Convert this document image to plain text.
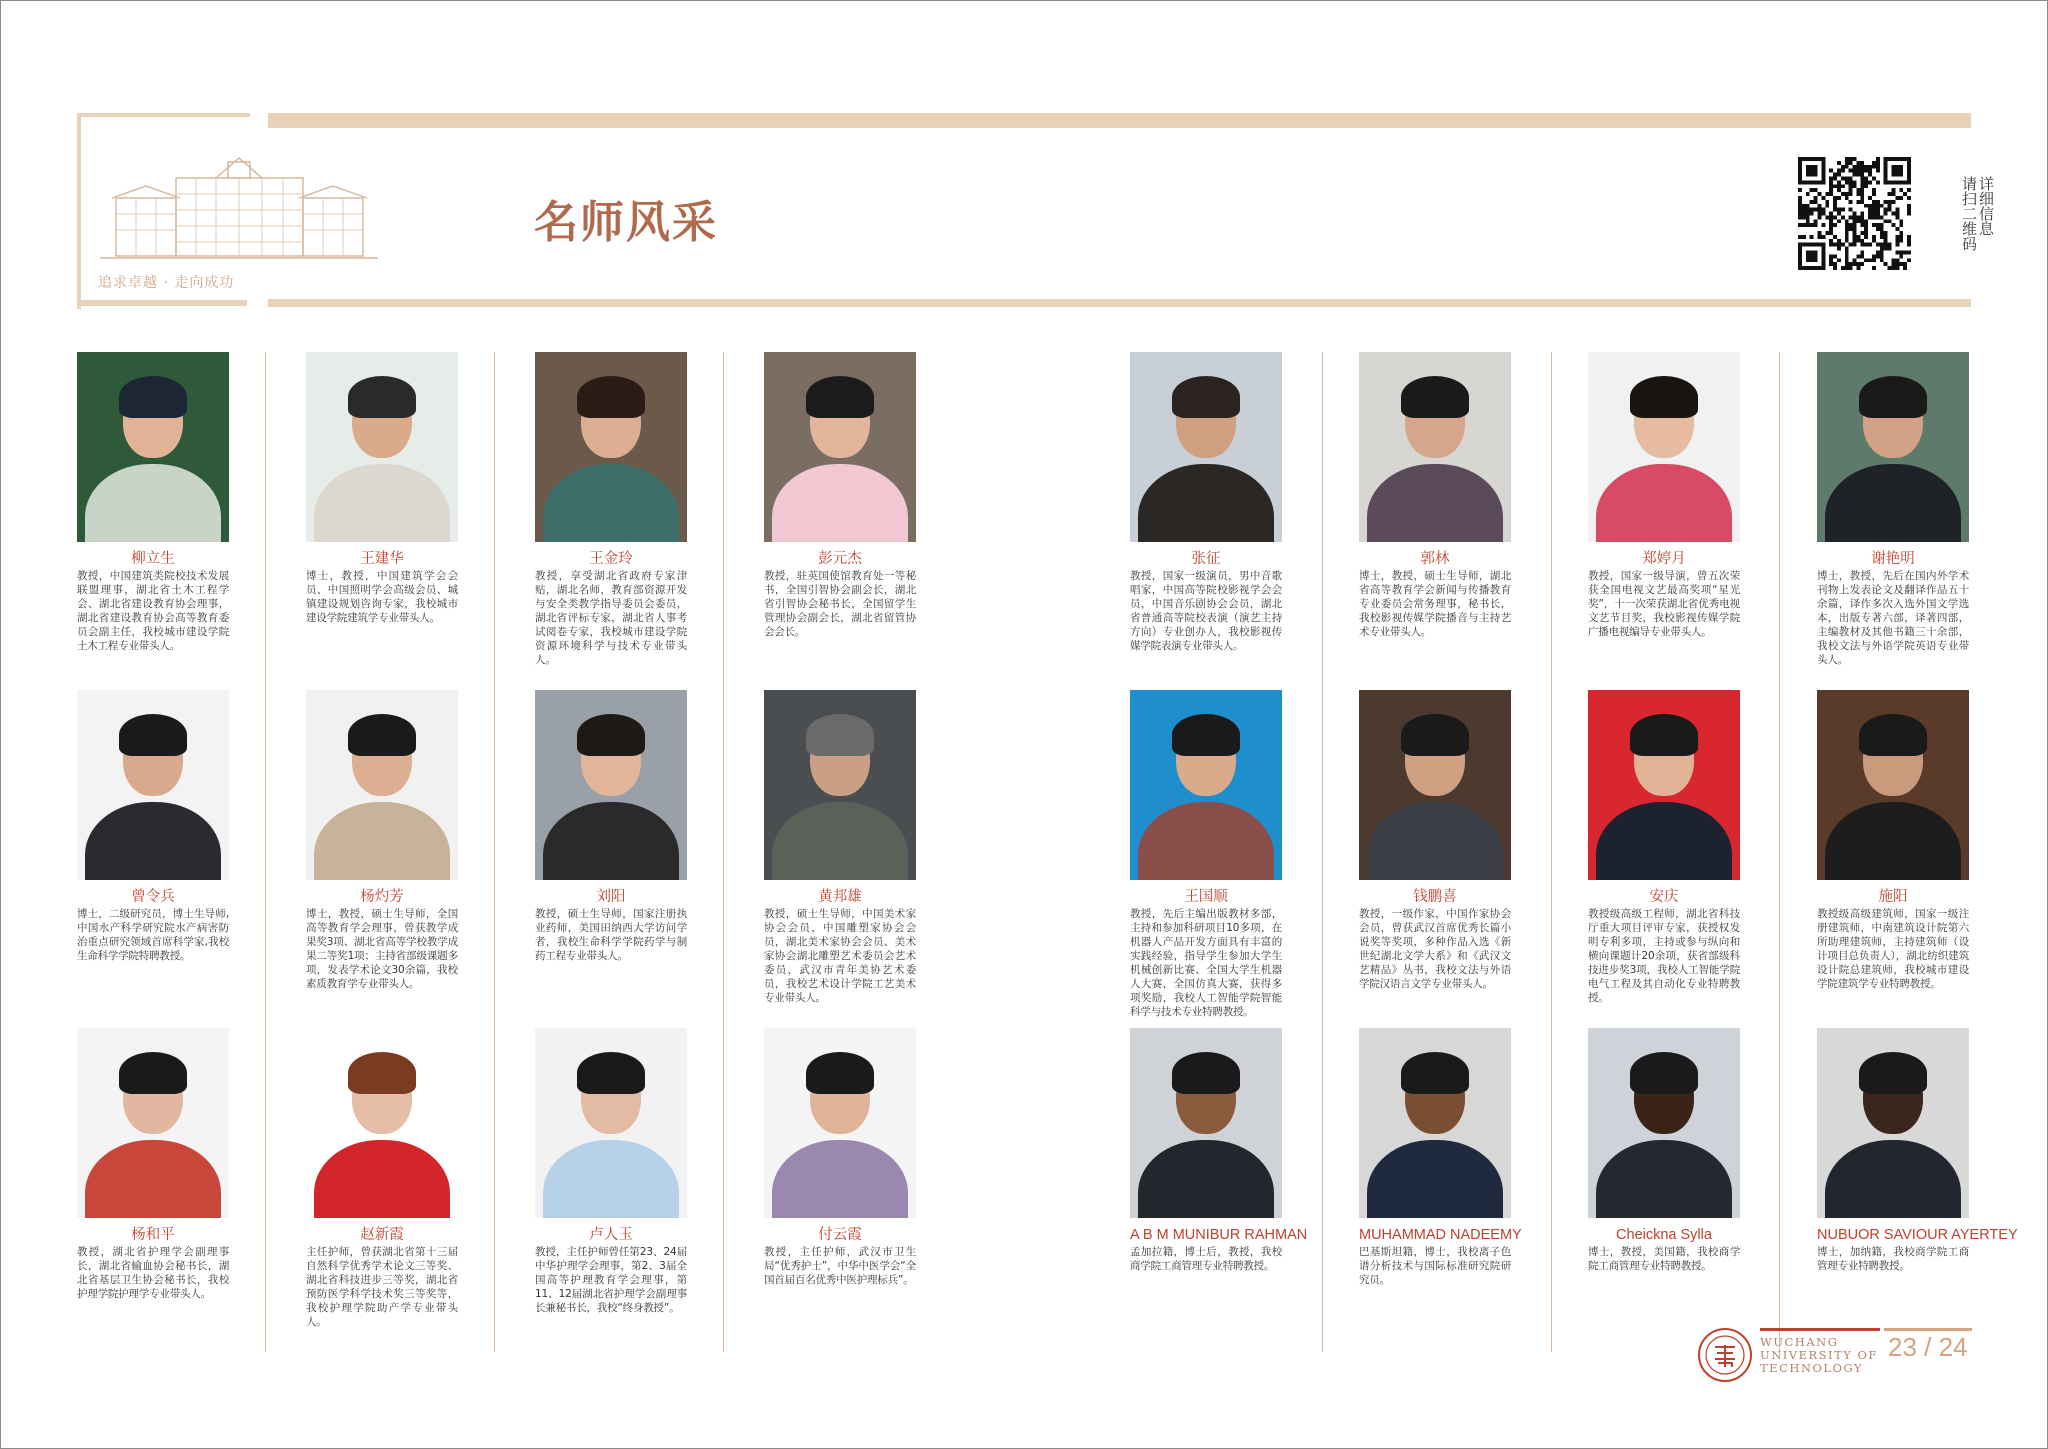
追求卓越 · 走向成功
名师风采	详细信息
请扫二维码
柳立生
教授，中国建筑类院校技术发展联盟理事，湖北省土木工程学会、湖北省建设教育协会理事，湖北省建设教育协会高等教育委员会副主任，我校城市建设学院土木工程专业带头人。
王建华
博士，教授，中国建筑学会会员、中国照明学会高级会员、城镇建设规划咨询专家，我校城市建设学院建筑学专业带头人。
王金玲
教授，享受湖北省政府专家津贴，湖北名师，教育部资源开发与安全类教学指导委员会委员，湖北省评标专家，湖北省人事考试阅卷专家，我校城市建设学院资源环境科学与技术专业带头人。
彭元杰
教授，驻英国使馆教育处一等秘书，全国引智协会副会长，湖北省引智协会秘书长，全国留学生管理协会副会长，湖北省留管协会会长。
张征
教授，国家一级演员，男中音歌唱家，中国高等院校影视学会会员，中国音乐剧协会会员，湖北省普通高等院校表演（演艺主持方向）专业创办人，我校影视传媒学院表演专业带头人。
郭林
博士，教授，硕士生导师，湖北省高等教育学会新闻与传播教育专业委员会常务理事，秘书长，我校影视传媒学院播音与主持艺术专业带头人。
郑婷月
教授，国家一级导演，曾五次荣获全国电视文艺最高奖项“星光奖”，十一次荣获湖北省优秀电视文艺节目奖，我校影视传媒学院广播电视编导专业带头人。
谢艳明
博士，教授，先后在国内外学术刊物上发表论文及翻译作品五十余篇，译作多次入选外国文学选本，出版专著六部，译著四部，主编教材及其他书籍三十余部，我校文法与外语学院英语专业带头人。
曾令兵
博士，二级研究员，博士生导师,中国水产科学研究院水产病害防治重点研究领域首席科学家,我校生命科学学院特聘教授。
杨灼芳
博士，教授，硕士生导师，全国高等教育学会理事，曾获教学成果奖3项、湖北省高等学校教学成果二等奖1项；主持省部级课题多项，发表学术论文30余篇，我校素质教育学专业带头人。
刘阳
教授，硕士生导师，国家注册执业药师，美国田纳西大学访问学者，我校生命科学学院药学与制药工程专业带头人。
黄邦雄
教授，硕士生导师，中国美术家协会会员，中国雕塑家协会会员，湖北美术家协会会员、美术家协会湖北雕塑艺术委员会艺术委员，武汉市青年美协艺术委员，我校艺术设计学院工艺美术专业带头人。
王国顺
教授，先后主编出版教材多部，主持和参加科研项目10多项，在机器人产品开发方面具有丰富的实践经验，指导学生参加大学生机械创新比赛、全国大学生机器人大赛，全国仿真大赛，获得多项奖励，我校人工智能学院智能科学与技术专业特聘教授。
钱鹏喜
教授，一级作家，中国作家协会会员，曾获武汉首席优秀长篇小说奖等奖项，多种作品入选《新世纪湖北文学大系》和《武汉文艺精品》丛书，我校文法与外语学院汉语言文学专业带头人。
安庆
教授级高级工程师，湖北省科技厅重大项目评审专家，获授权发明专利多项，主持或参与纵向和横向课题计20余项，获省部级科技进步奖3项，我校人工智能学院电气工程及其自动化专业特聘教授。
施阳
教授级高级建筑师，国家一级注册建筑师，中南建筑设计院第六所助理建筑师，主持建筑师（设计项目总负责人），湖北纺织建筑设计院总建筑师，我校城市建设学院建筑学专业特聘教授。
杨和平
教授，湖北省护理学会副理事长，湖北省输血协会秘书长，湖北省基层卫生协会秘书长，我校护理学院护理学专业带头人。
赵新霞
主任护师，曾获湖北省第十三届自然科学优秀学术论文三等奖、湖北省科技进步三等奖，湖北省预防医学科学技术奖三等奖等，我校护理学院助产学专业带头人。
卢人玉
教授，主任护师曾任第23、24届中华护理学会理事，第2、3届全国高等护理教育学会理事，第11、12届湖北省护理学会副理事长兼秘书长，我校“终身教授”。
付云霞
教授，主任护师，武汉市卫生局“优秀护士”，中华中医学会“全国首届百名优秀中医护理标兵”。
A B M MUNIBUR RAHMAN
孟加拉籍，博士后，教授，我校商学院工商管理专业特聘教授。
MUHAMMAD NADEEMY
巴基斯坦籍，博士，我校离子色谱分析技术与国际标准研究院研究员。
Cheickna Sylla
博士，教授，美国籍，我校商学院工商管理专业特聘教授。
NUBUOR SAVIOUR AYERTEY
博士，加纳籍，我校商学院工商管理专业特聘教授。
WUCHANG
UNIVERSITY OF
TECHNOLOGY
23 / 24
